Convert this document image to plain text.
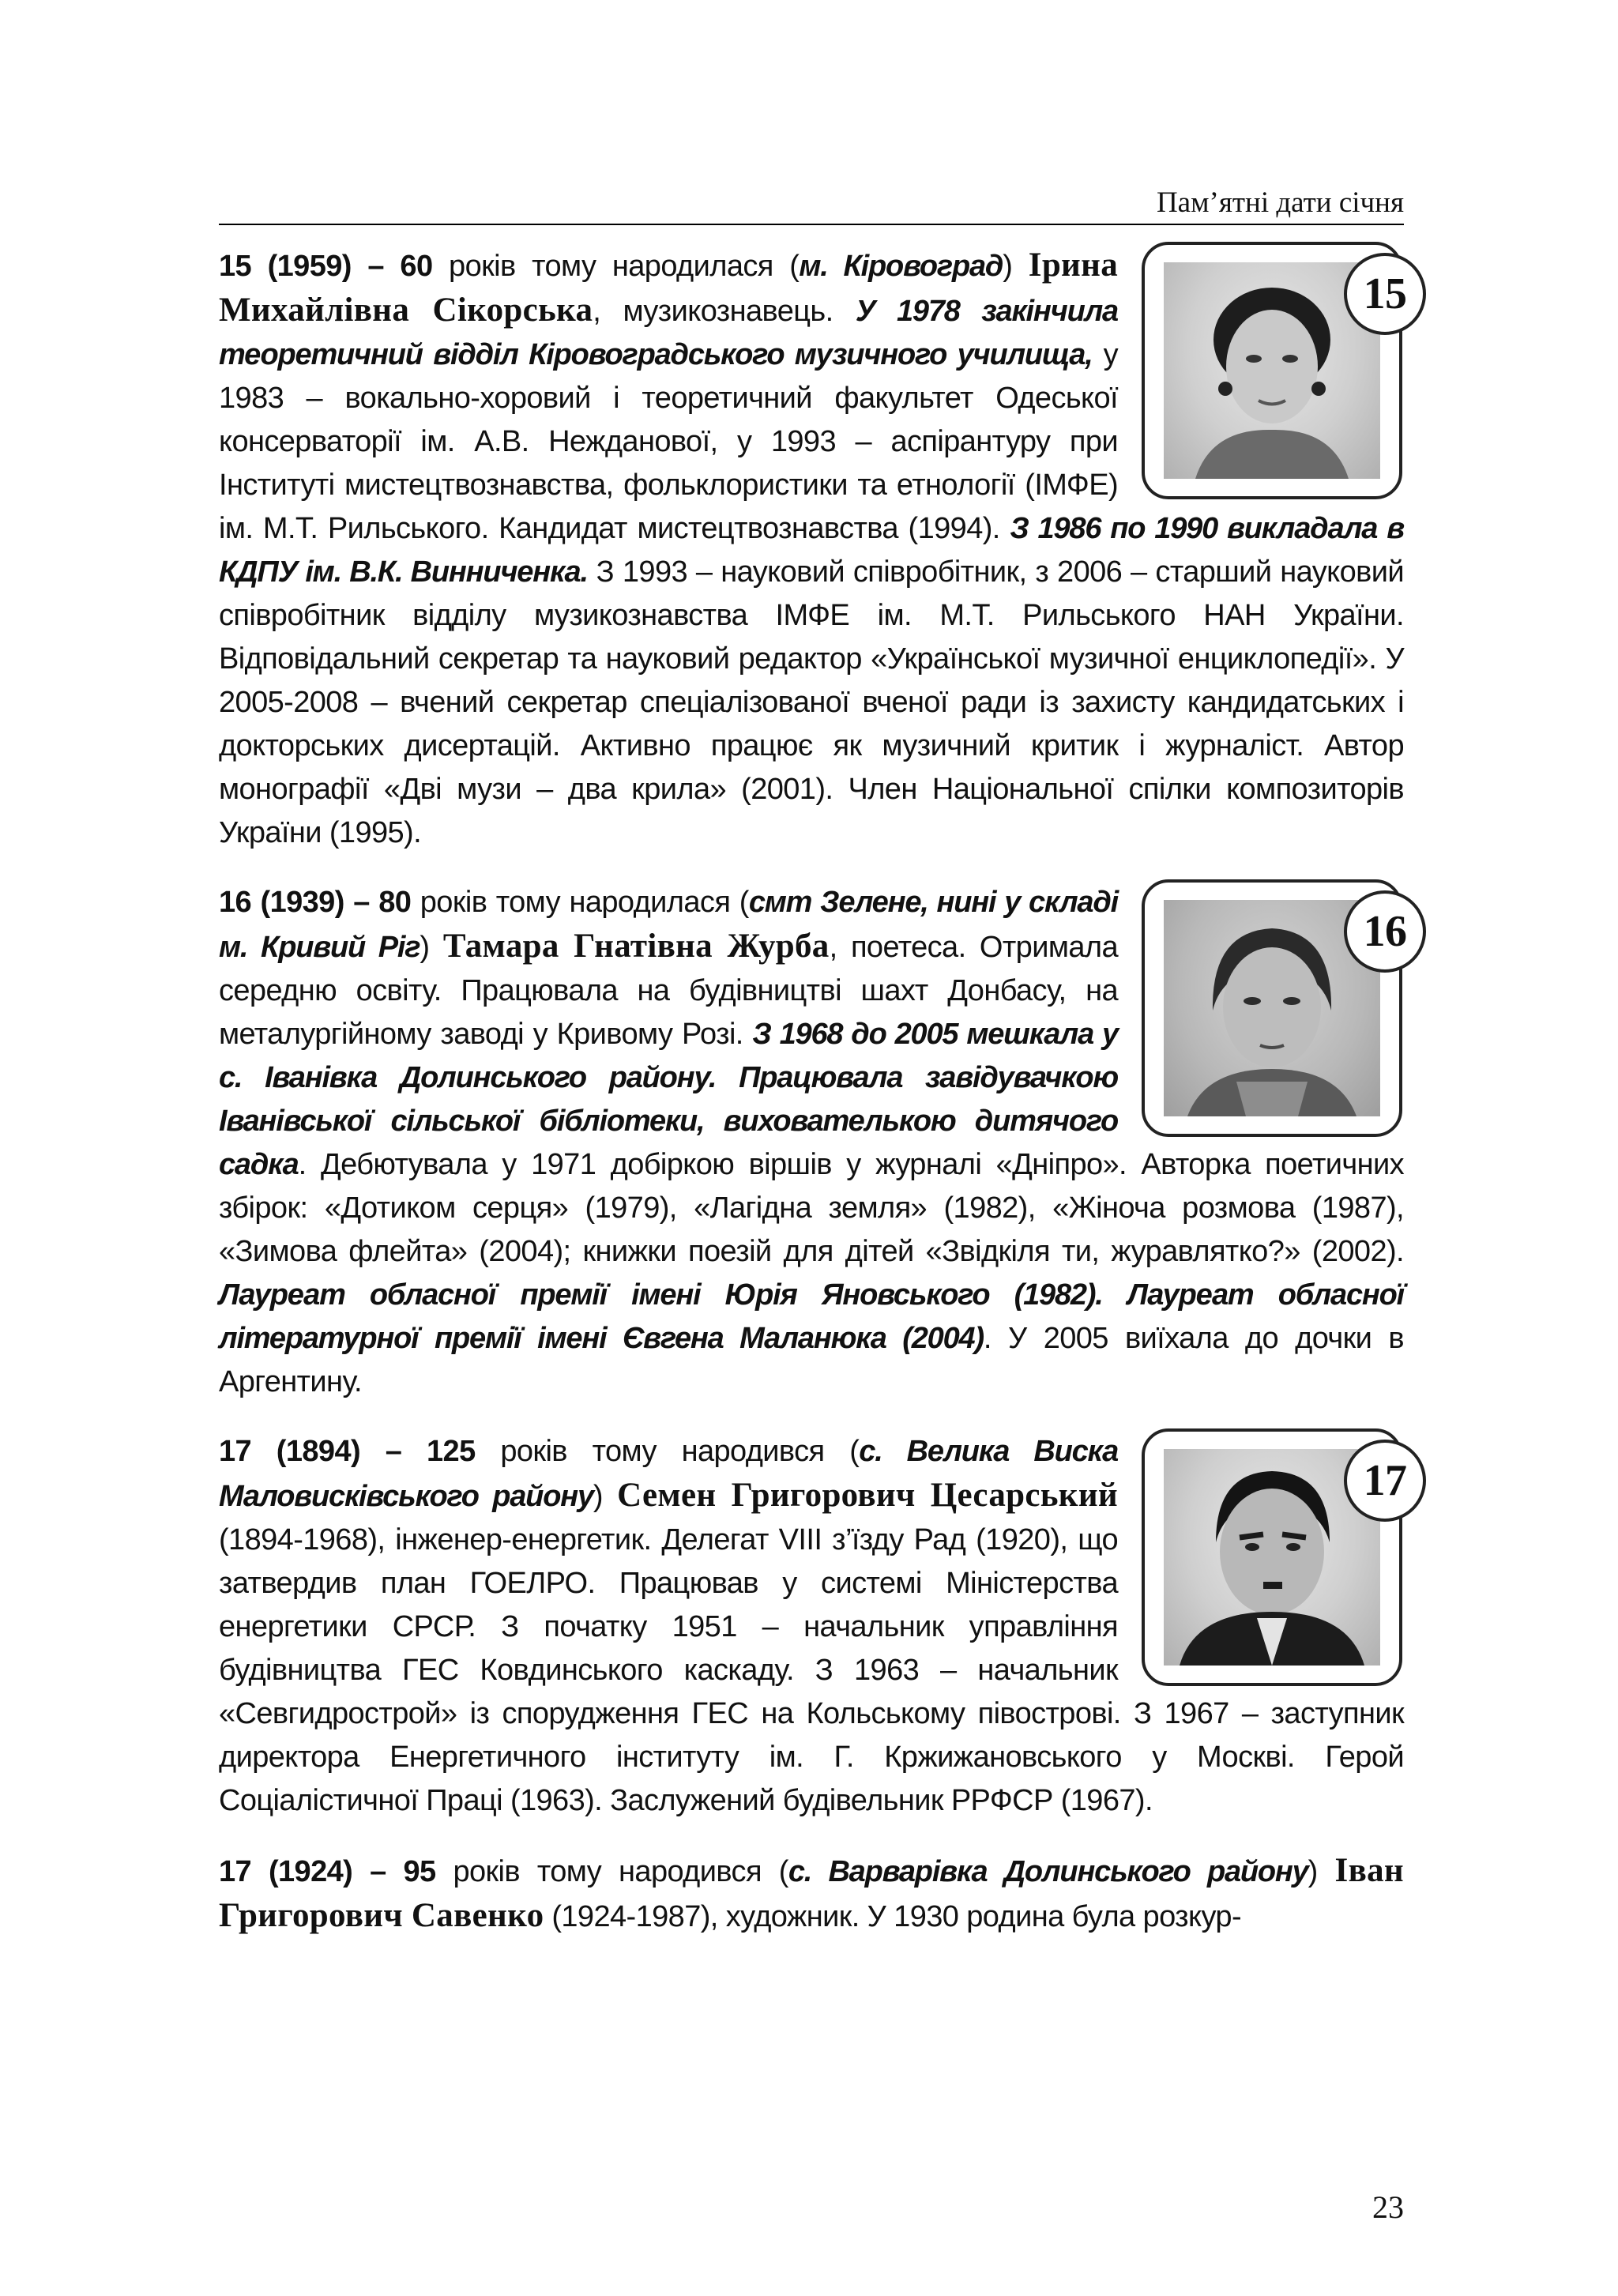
Пам’ятні дати січня
15
15 (1959) – 60 років тому народилася (м. Кіровоград) Ірина Михайлівна Сікорська, музикознавець. У 1978 закінчила теоретичний відділ Кіровоградського музичного училища, у 1983 – вокально-хоровий і теоретичний факультет Одеської консерваторії ім. А.В. Нежданової, у 1993 – аспірантуру при Інституті мистецтвознавства, фольклористики та етнології (ІМФЕ) ім. М.Т. Рильського. Кандидат мистецтвознавства (1994). З 1986 по 1990 викладала в КДПУ ім. В.К. Винниченка. З 1993 – науковий співробітник, з 2006 – старший науковий співробітник відділу музикознавства ІМФЕ ім. М.Т. Рильського НАН України. Відповідальний секретар та науковий редактор «Української музичної енциклопедії». У 2005-2008 – вчений секретар спеціалізованої вченої ради із захисту кандидатських і докторських дисертацій. Активно працює як музичний критик і журналіст. Автор монографії «Дві музи – два крила» (2001). Член Національної спілки композиторів України (1995).
16
16 (1939) – 80 років тому народилася (смт Зелене, нині у складі м. Кривий Ріг) Тамара Гнатівна Журба, поетеса. Отримала середню освіту. Працювала на будівництві шахт Донбасу, на металургійному заводі у Кривому Розі. З 1968 до 2005 мешкала у с. Іванівка Долинського району. Працювала завідувачкою Іванівської сільської бібліотеки, вихователькою дитячого садка. Дебютувала у 1971 добіркою віршів у журналі «Дніпро». Авторка поетичних збірок: «Дотиком серця» (1979), «Лагідна земля» (1982), «Жіноча розмова (1987), «Зимова флейта» (2004); книжки поезій для дітей «Звідкіля ти, журавлятко?» (2002). Лауреат обласної премії імені Юрія Яновського (1982). Лауреат обласної літературної премії імені Євгена Маланюка (2004). У 2005 виїхала до дочки в Аргентину.
17
17 (1894) – 125 років тому народився (с. Велика Виска Маловисківського району) Семен Григорович Цесарський (1894-1968), інженер-енергетик. Делегат VIII з’їзду Рад (1920), що затвердив план ГОЕЛРО. Працював у системі Міністерства енергетики СРСР. З початку 1951 – начальник управління будівництва ГЕС Ковдинського каскаду. З 1963 – начальник «Севгидрострой» із спорудження ГЕС на Кольському півострові. З 1967 – заступник директора Енергетичного інституту ім. Г. Кржижановського у Москві. Герой Соціалістичної Праці (1963). Заслужений будівельник РРФСР (1967).
17 (1924) – 95 років тому народився (с. Варварівка Долинського району) Іван Григорович Савенко (1924-1987), художник. У 1930 родина була розкур-
23
